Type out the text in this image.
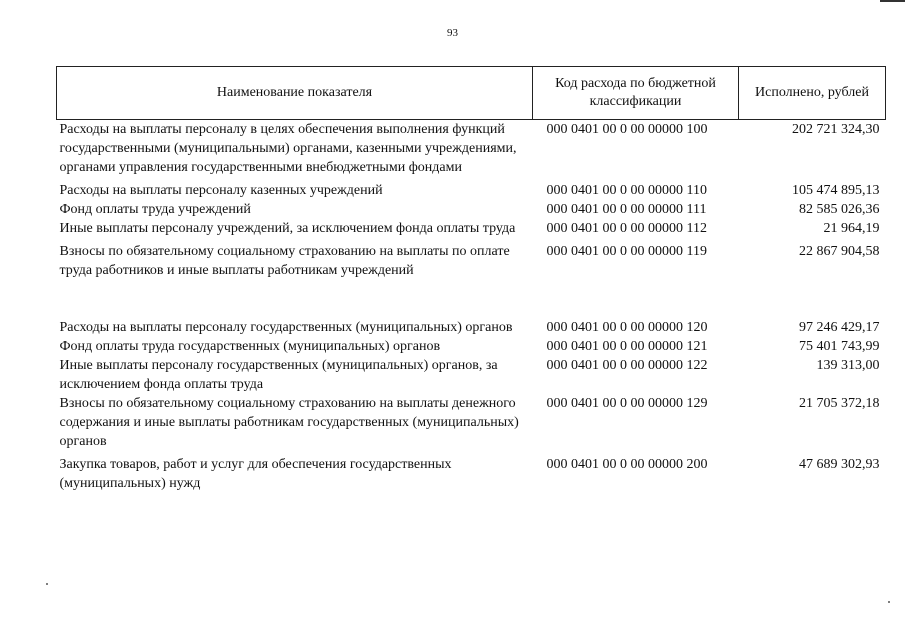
93
Наименование показателя	Код расхода по бюджетной классификации	Исполнено, рублей
Расходы на выплаты персоналу в целях обеспечения выполнения функций государственными (муниципальными) органами, казенными учреждениями, органами управления государственными внебюджетными фондами	000 0401 00 0 00 00000 100	202 721 324,30
Расходы на выплаты персоналу казенных учреждений	000 0401 00 0 00 00000 110	105 474 895,13
Фонд оплаты труда учреждений	000 0401 00 0 00 00000 111	82 585 026,36
Иные выплаты персоналу учреждений, за исключением фонда оплаты труда	000 0401 00 0 00 00000 112	21 964,19
Взносы по обязательному социальному страхованию на выплаты по оплате труда работников и иные выплаты работникам учреждений	000 0401 00 0 00 00000 119	22 867 904,58
Расходы на выплаты персоналу государственных (муниципальных) органов	000 0401 00 0 00 00000 120	97 246 429,17
Фонд оплаты труда государственных (муниципальных) органов	000 0401 00 0 00 00000 121	75 401 743,99
Иные выплаты персоналу государственных (муниципальных) органов, за исключением фонда оплаты труда	000 0401 00 0 00 00000 122	139 313,00
Взносы по обязательному социальному страхованию на выплаты денежного содержания и иные выплаты работникам государственных (муниципальных) органов	000 0401 00 0 00 00000 129	21 705 372,18
Закупка товаров, работ и услуг для обеспечения государственных (муниципальных) нужд	000 0401 00 0 00 00000 200	47 689 302,93
